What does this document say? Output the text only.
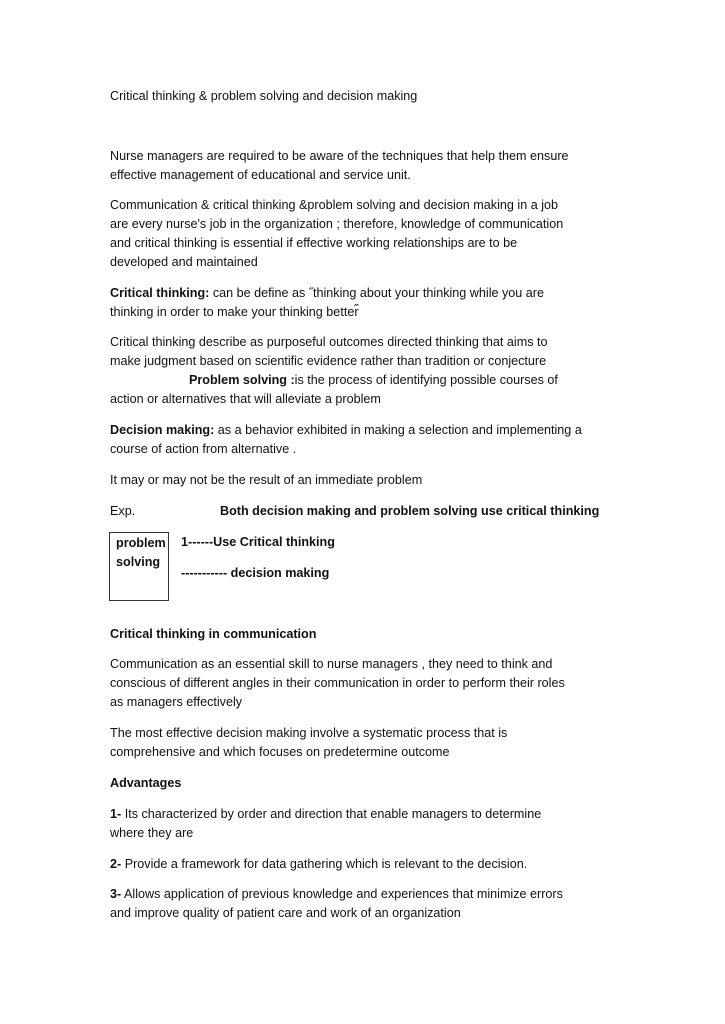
Critical thinking & problem solving and decision making
Nurse managers are required to be aware of the techniques that help them ensure
effective management of educational and service unit.
Communication & critical thinking &problem solving and decision making in a job
are every nurse's job in the organization ; therefore, knowledge of communication
and critical thinking is essential if effective working relationships are to be
developed and maintained
Critical thinking: can be define as ˝thinking about your thinking while you are
thinking in order to make your thinking better̋
Critical thinking describe as purposeful outcomes directed thinking that aims to
make judgment based on scientific evidence rather than tradition or conjecture
Problem solving :is the process of identifying possible courses of
action or alternatives that will alleviate a problem
Decision making: as a behavior exhibited in making a selection and implementing a
course of action from alternative .
It may or may not be the result of an immediate problem
Exp.	Both decision making and problem solving use critical thinking
problem
solving
1------Use Critical thinking
----------- decision making
Critical thinking in communication
Communication as an essential skill to nurse managers , they need to think and
conscious of different angles in their communication in order to perform their roles
as managers effectively
The most effective decision making involve a systematic process that is
comprehensive and which focuses on predetermine outcome
Advantages
1- Its characterized by order and direction that enable managers to determine
where they are
2- Provide a framework for data gathering which is relevant to the decision.
3- Allows application of previous knowledge and experiences that minimize errors
and improve quality of patient care and work of an organization
